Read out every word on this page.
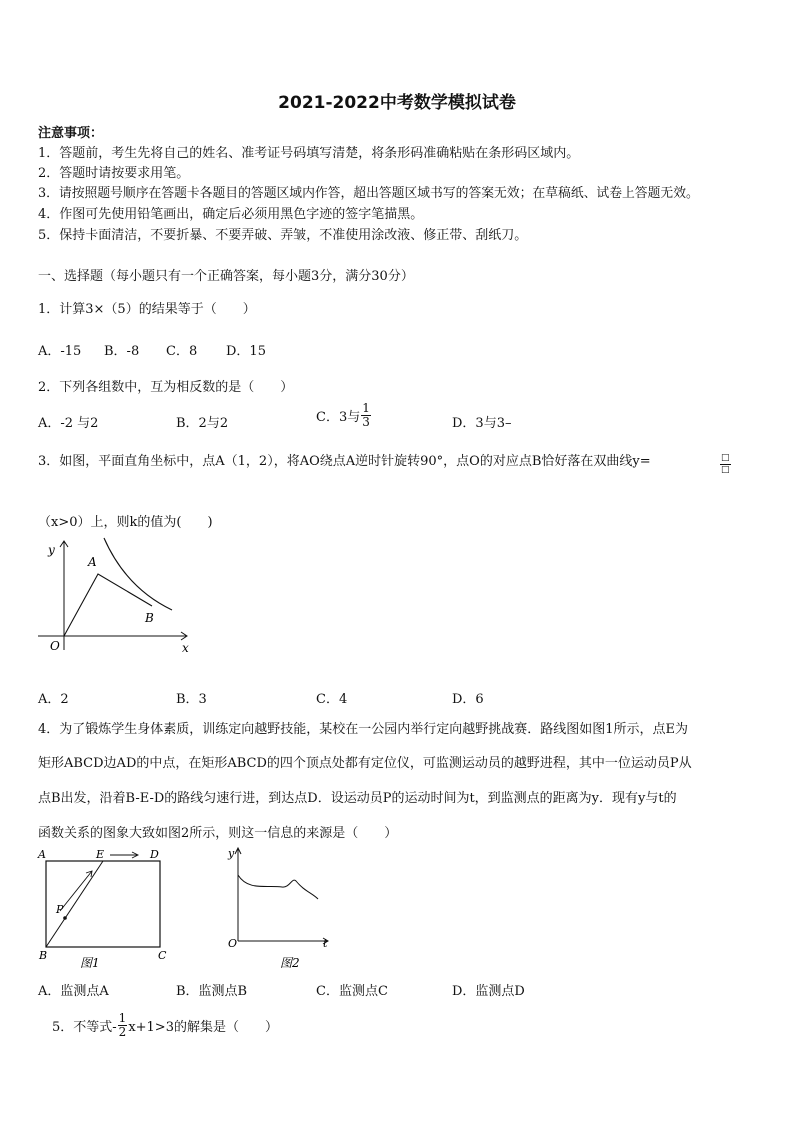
2021-2022中考数学模拟试卷
注意事项：
1．答题前，考生先将自己的姓名、准考证号码填写清楚，将条形码准确粘贴在条形码区域内。
2．答题时请按要求用笔。
3．请按照题号顺序在答题卡各题目的答题区域内作答，超出答题区域书写的答案无效；在草稿纸、试卷上答题无效。
4．作图可先使用铅笔画出，确定后必须用黑色字迹的签字笔描黑。
5．保持卡面清洁，不要折暴、不要弄破、弄皱，不准使用涂改液、修正带、刮纸刀。
一、选择题（每小题只有一个正确答案，每小题3分，满分30分）
1．计算3×（5）的结果等于（　　）
A．-15 B．-8 C．8 D．15
2．下列各组数中，互为相反数的是（　　）
A．-2 与2	B．2与2	C．3与 $\frac{1}{3}$	D．3与3–
3．如图，平面直角坐标中，点A（1，2），将AO绕点A逆时针旋转90°，点O的对应点B恰好落在双曲线y=	$\frac{□}{□}$
（x>0）上，则k的值为(　　)
y
A
B
O	x
A．2	B．3	C．4	D．6
4．为了锻炼学生身体素质，训练定向越野技能，某校在一公园内举行定向越野挑战赛．路线图如图1所示，点E为
矩形ABCD边AD的中点，在矩形ABCD的四个顶点处都有定位仪，可监测运动员的越野进程，其中一位运动员P从
点B出发，沿着B-E-D的路线匀速行进，到达点D．设运动员P的运动时间为t，到监测点的距离为y．现有y与t的
函数关系的图象大致如图2所示，则这一信息的来源是（　　）
A	E	D
P
B	C
图1
y
O	t
图2
A．监测点A	B．监测点B	C．监测点C	D．监测点D
5．不等式- $\frac{1}{2} x+1>3$的解集是（　　）
